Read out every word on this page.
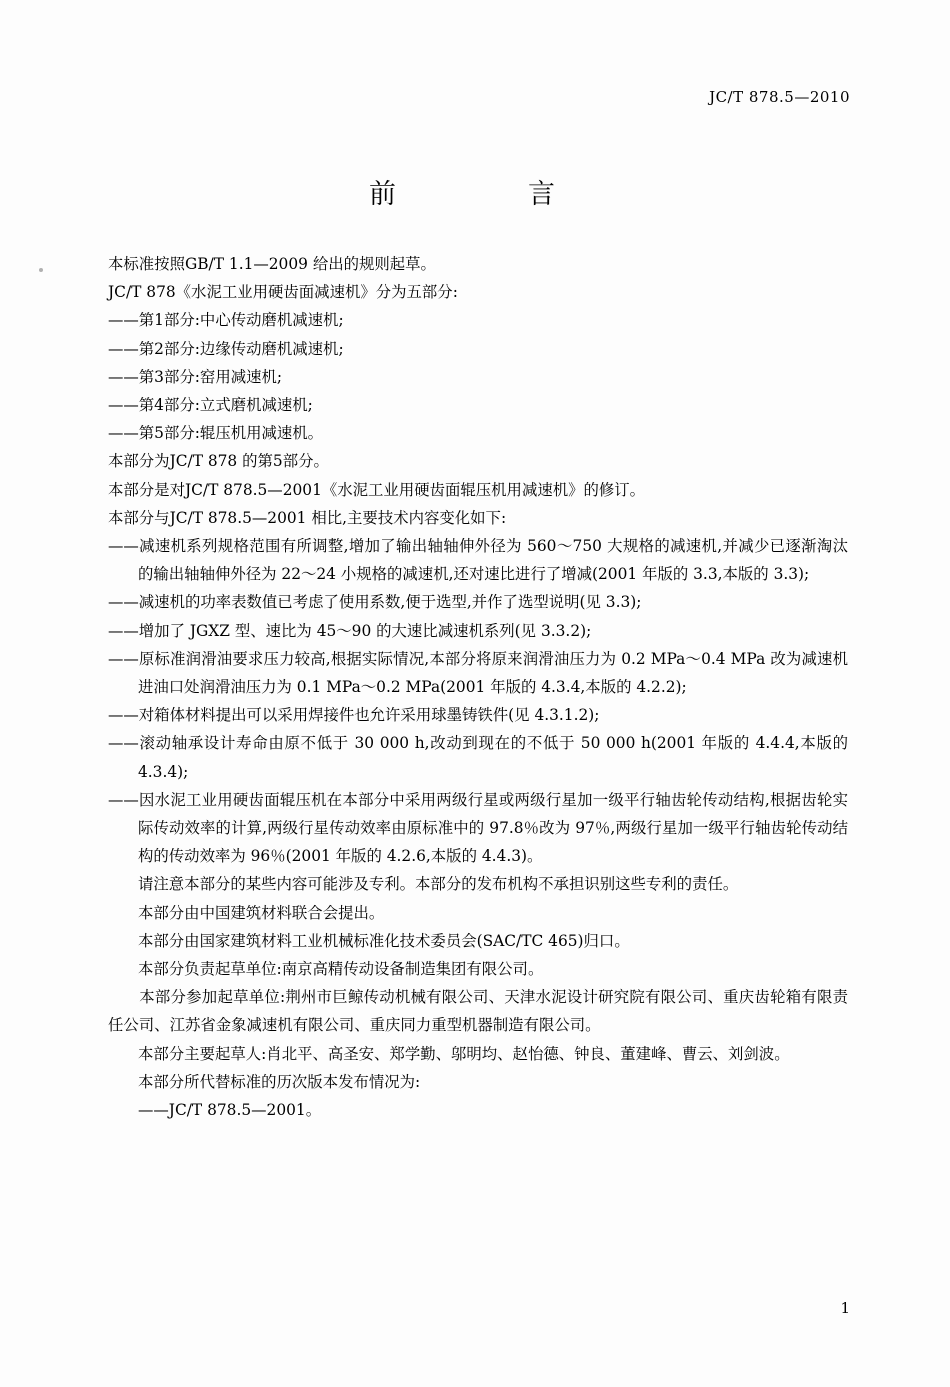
JC/T 878.5—2010
前　　言

本标准按照GB/T 1.1—2009 给出的规则起草。

JC/T 878《水泥工业用硬齿面减速机》分为五部分:

——第1部分:中心传动磨机减速机;

——第2部分:边缘传动磨机减速机;

——第3部分:窑用减速机;

——第4部分:立式磨机减速机;

——第5部分:辊压机用减速机。

本部分为JC/T 878 的第5部分。

本部分是对JC/T 878.5—2001《水泥工业用硬齿面辊压机用减速机》的修订。

本部分与JC/T 878.5—2001 相比,主要技术内容变化如下:

——减速机系列规格范围有所调整,增加了输出轴轴伸外径为 560～750 大规格的减速机,并减少已逐渐淘汰的输出轴轴伸外径为 22～24 小规格的减速机,还对速比进行了增减(2001 年版的 3.3,本版的 3.3);

——减速机的功率表数值已考虑了使用系数,便于选型,并作了选型说明(见 3.3);

——增加了 JGXZ 型、速比为 45～90 的大速比减速机系列(见 3.3.2);

——原标准润滑油要求压力较高,根据实际情况,本部分将原来润滑油压力为 0.2 MPa～0.4 MPa 改为减速机进油口处润滑油压力为 0.1 MPa～0.2 MPa(2001 年版的 4.3.4,本版的 4.2.2);

——对箱体材料提出可以采用焊接件也允许采用球墨铸铁件(见 4.3.1.2);

——滚动轴承设计寿命由原不低于 30 000 h,改动到现在的不低于 50 000 h(2001 年版的 4.4.4,本版的 4.3.4);

——因水泥工业用硬齿面辊压机在本部分中采用两级行星或两级行星加一级平行轴齿轮传动结构,根据齿轮实际传动效率的计算,两级行星传动效率由原标准中的 97.8％改为 97％,两级行星加一级平行轴齿轮传动结构的传动效率为 96％(2001 年版的 4.2.6,本版的 4.4.3)。

请注意本部分的某些内容可能涉及专利。本部分的发布机构不承担识别这些专利的责任。

本部分由中国建筑材料联合会提出。

本部分由国家建筑材料工业机械标准化技术委员会(SAC/TC 465)归口。

本部分负责起草单位:南京高精传动设备制造集团有限公司。

　　本部分参加起草单位:荆州市巨鲸传动机械有限公司、天津水泥设计研究院有限公司、重庆齿轮箱有限责任公司、江苏省金象减速机有限公司、重庆同力重型机器制造有限公司。

本部分主要起草人:肖北平、高圣安、郑学勤、邬明均、赵怡德、钟良、董建峰、曹云、刘剑波。

本部分所代替标准的历次版本发布情况为:

——JC/T 878.5—2001。

1
